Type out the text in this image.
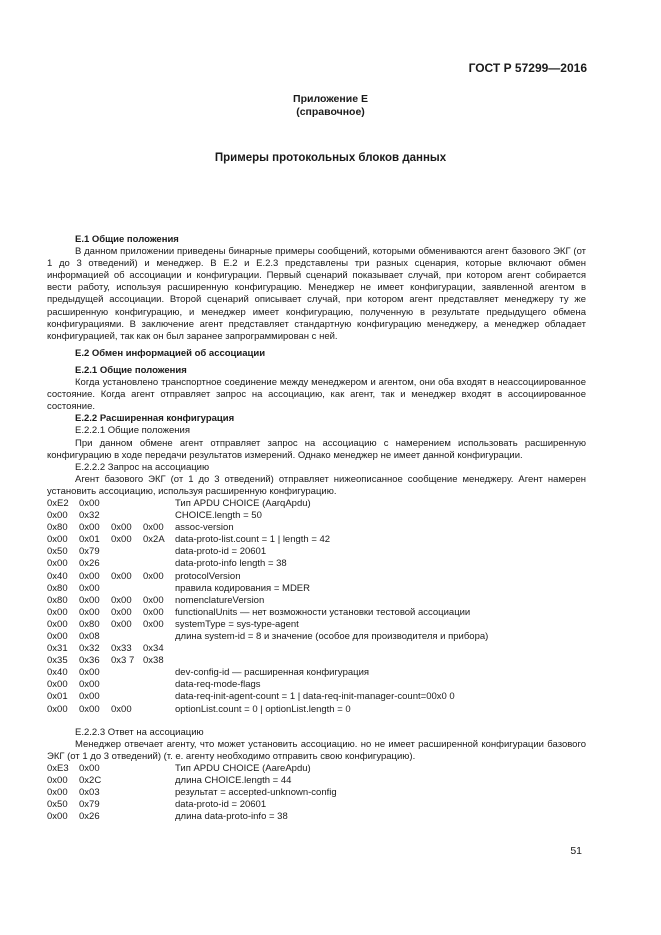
ГОСТ Р 57299—2016
Приложение Е
(справочное)
Примеры протокольных блоков данных
Е.1 Общие положения
В данном приложении приведены бинарные примеры сообщений, которыми обмениваются агент базового ЭКГ (от 1 до 3 отведений) и менеджер. В Е.2 и Е.2.3 представлены три разных сценария, которые включают обмен информацией об ассоциации и конфигурации. Первый сценарий показывает случай, при котором агент собирается вести работу, используя расширенную конфигурацию. Менеджер не имеет конфигурации, заявленной агентом в предыдущей ассоциации. Второй сценарий описывает случай, при котором агент представляет менеджеру ту же расширенную конфигурацию, и менеджер имеет конфигурацию, полученную в результате предыдущего обмена конфигурациями. В заключение агент представляет стандартную конфигурацию менеджеру, а менеджер обладает конфигурацией, так как он был заранее запрограммирован с ней.
Е.2 Обмен информацией об ассоциации
Е.2.1 Общие положения
Когда установлено транспортное соединение между менеджером и агентом, они оба входят в неассоциированное состояние. Когда агент отправляет запрос на ассоциацию, как агент, так и менеджер входят в ассоциированное состояние.
Е.2.2 Расширенная конфигурация
Е.2.2.1 Общие положения
При данном обмене агент отправляет запрос на ассоциацию с намерением использовать расширенную конфигурацию в ходе передачи результатов измерений. Однако менеджер не имеет данной конфигурации.
Е.2.2.2 Запрос на ассоциацию
Агент базового ЭКГ (от 1 до 3 отведений) отправляет нижеописанное сообщение менеджеру. Агент намерен установить ассоциацию, используя расширенную конфигурацию.
0xE2	0x00	Тип APDU CHOICE (AarqApdu)
0x00	0x32	CHOICE.length = 50
0x80	0x00	0x00	0x00	assoc-version
0x00	0x01	0x00	0x2A	data-proto-list.count = 1 | length = 42
0x50	0x79	data-proto-id = 20601
0x00	0x26	data-proto-info length = 38
0x40	0x00	0x00	0x00	protocolVersion
0x80	0x00	правила кодирования = MDER
0x80	0x00	0x00	0x00	nomenclatureVersion
0x00	0x00	0x00	0x00	functionalUnits — нет возможности установки тестовой ассоциации
0x00	0x80	0x00	0x00	systemType = sys-type-agent
0x00	0x08	длина system-id = 8 и значение (особое для производителя и прибора)
0x31	0x32	0x33	0x34
0x35	0x36	0x3 7 0x38
0x40	0x00	dev-config-id — расширенная конфигурация
0x00	0x00	data-req-mode-flags
0x01	0x00	data-req-init-agent-count = 1 | data-req-init-manager-count=00x0 0
0x00	0x00	0x00	optionList.count = 0 | optionList.length = 0
Е.2.2.3 Ответ на ассоциацию
Менеджер отвечает агенту, что может установить ассоциацию. но не имеет расширенной конфигурации базового ЭКГ (от 1 до 3 отведений) (т. е. агенту необходимо отправить свою конфигурацию).
0xE3	0x00	Тип APDU CHOICE (AareApdu)
0x00	0x2C	длина CHOICE.length = 44
0x00	0x03	результат = accepted-unknown-config
0x50	0x79	data-proto-id = 20601
0x00	0x26	длина data-proto-info = 38
51
